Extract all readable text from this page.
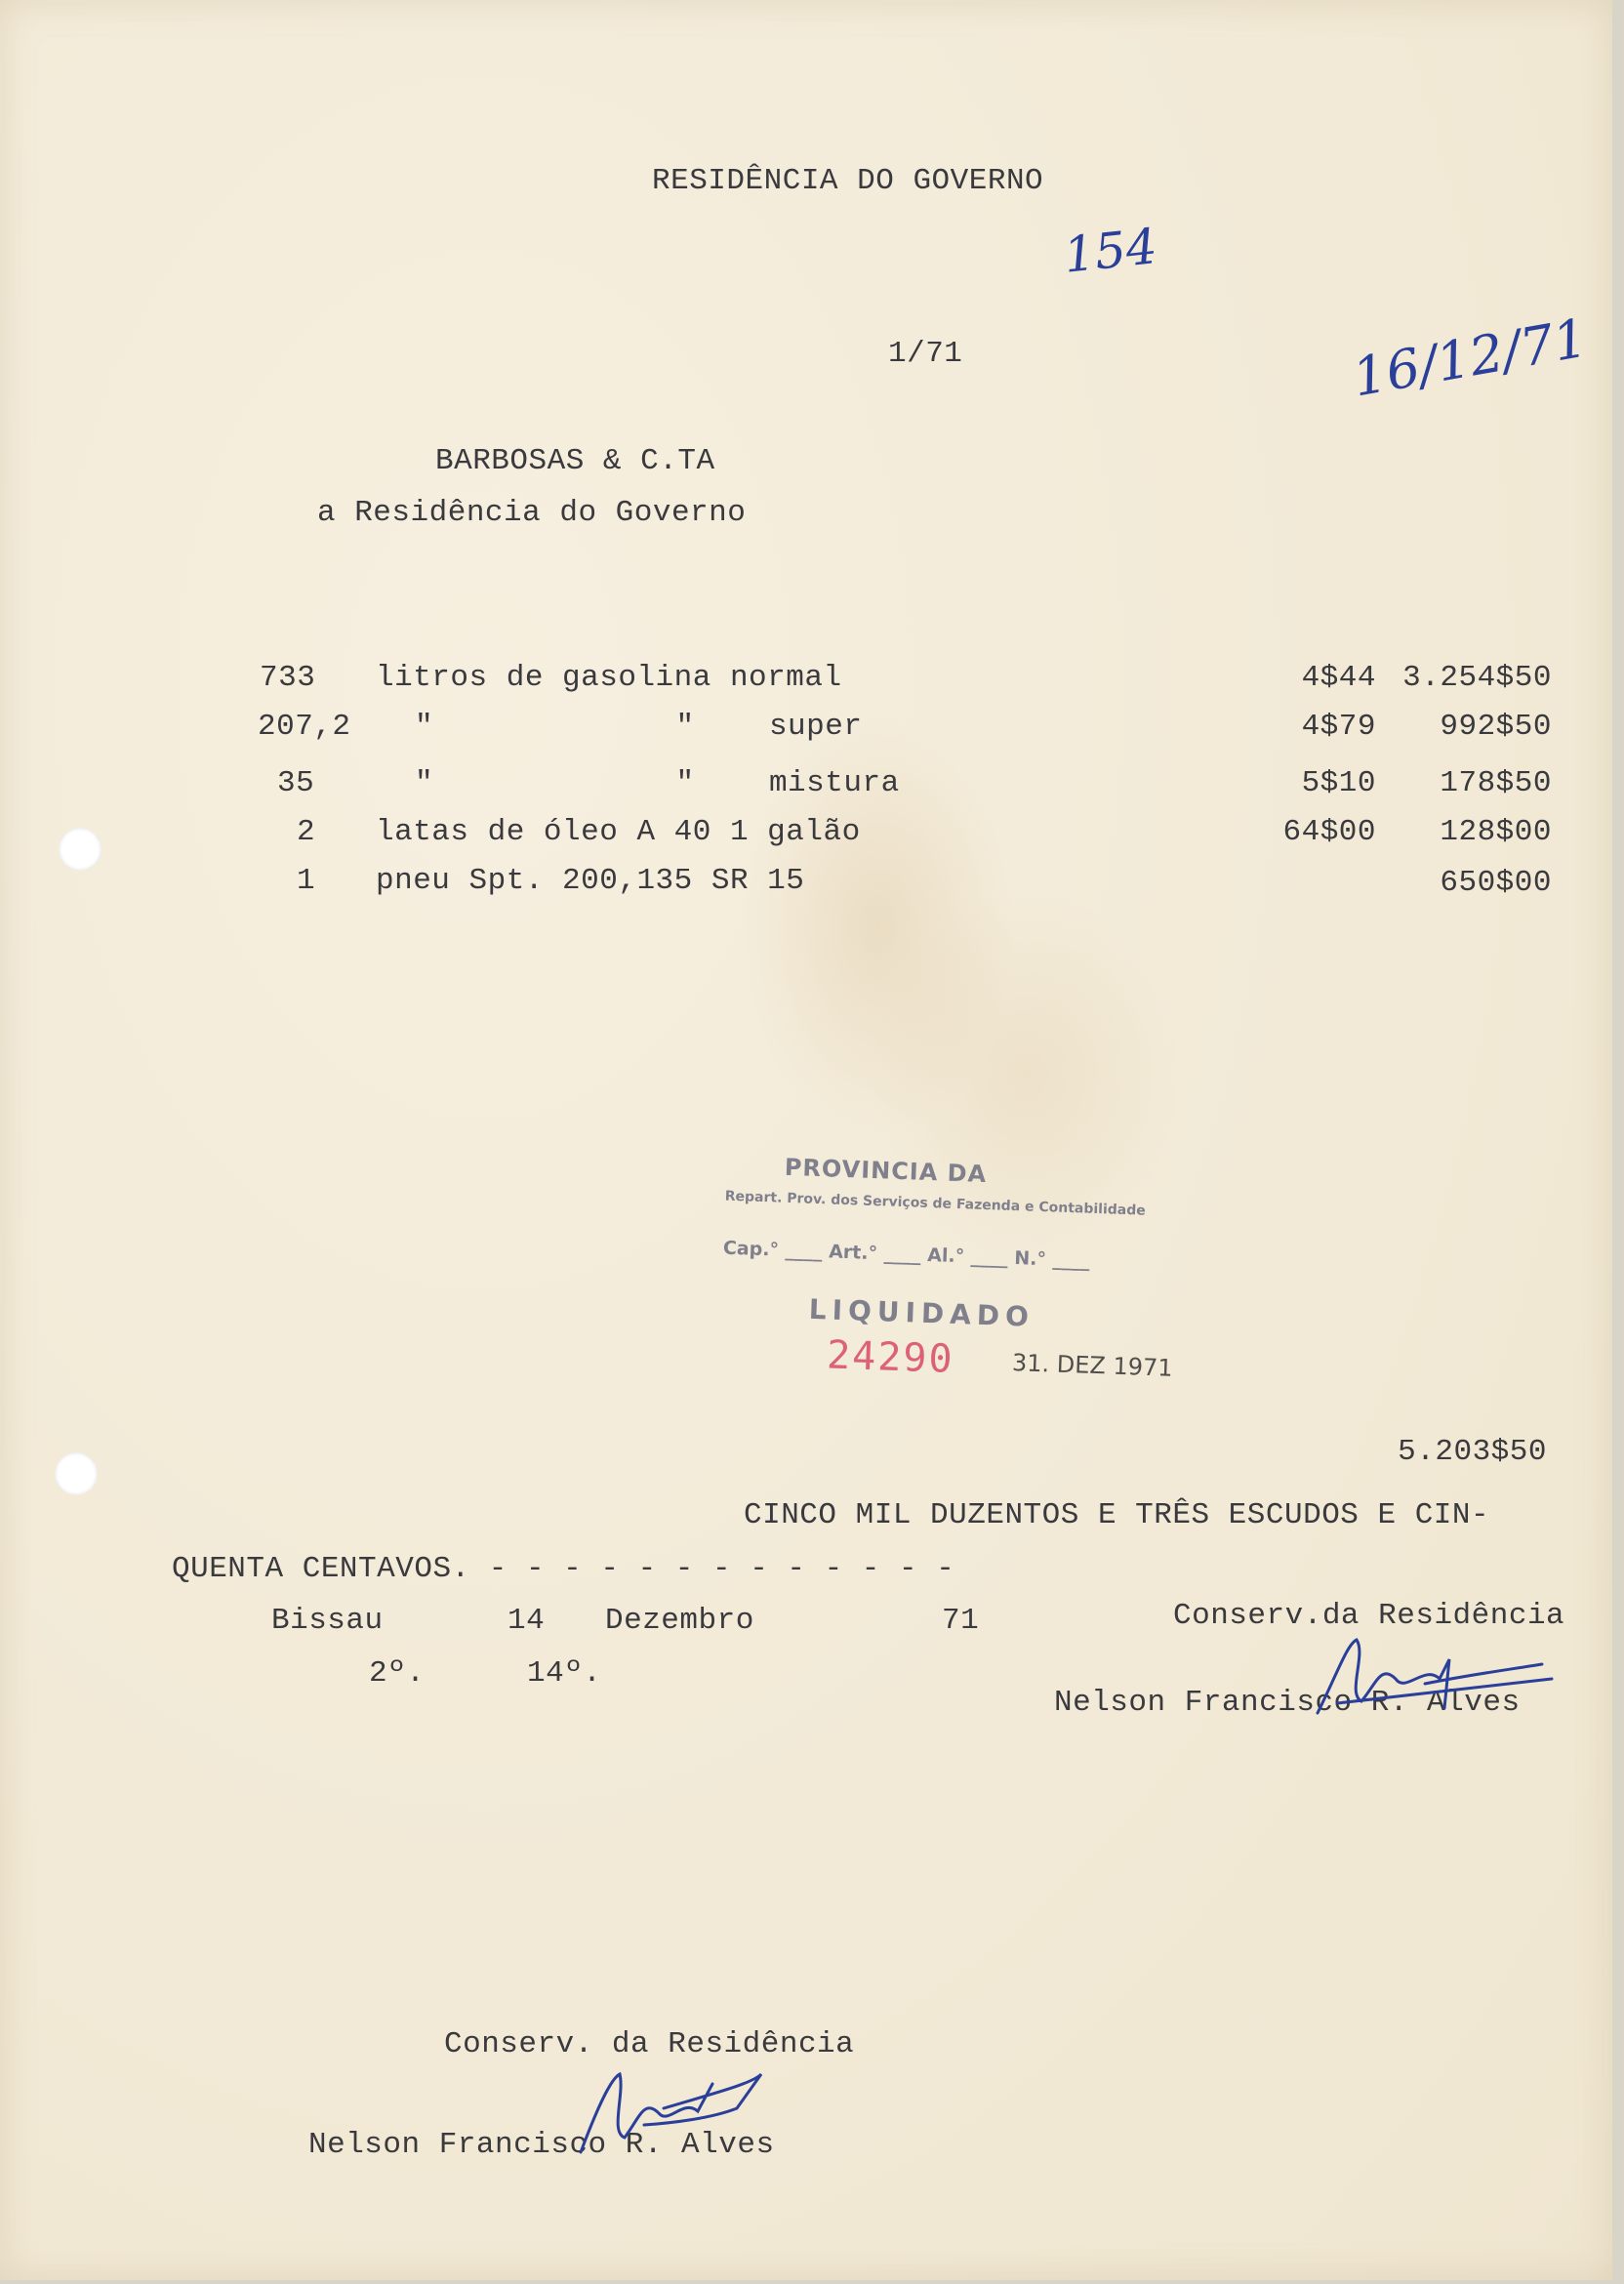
RESIDÊNCIA DO GOVERNO
154
1/71	16/12/71
BARBOSAS & C.TA
a Residência do Governo
733 litros de gasolina normal	4$44 3.254$50
207,2 "             "    super	4$79	992$50
35	"             "    mistura	5$10	178$50
2 latas de óleo A 40 1 galão	64$00	128$00
1 pneu Spt. 200,135 SR 15	650$00
PROVINCIA DA
Repart. Prov. dos Serviços de Fazenda e Contabilidade
Cap.° ____ Art.° ____ Al.° ____ N.° ____
LIQUIDADO
24290 31. DEZ 1971
5.203$50
CINCO MIL DUZENTOS E TRÊS ESCUDOS E CIN-
QUENTA CENTAVOS. - - - - - - - - - - - - -
Bissau	14 Dezembro	71
2º.	14º.
Conserv.da Residência
Nelson Francisco R. Alves
Conserv. da Residência
Nelson Francisco R. Alves
